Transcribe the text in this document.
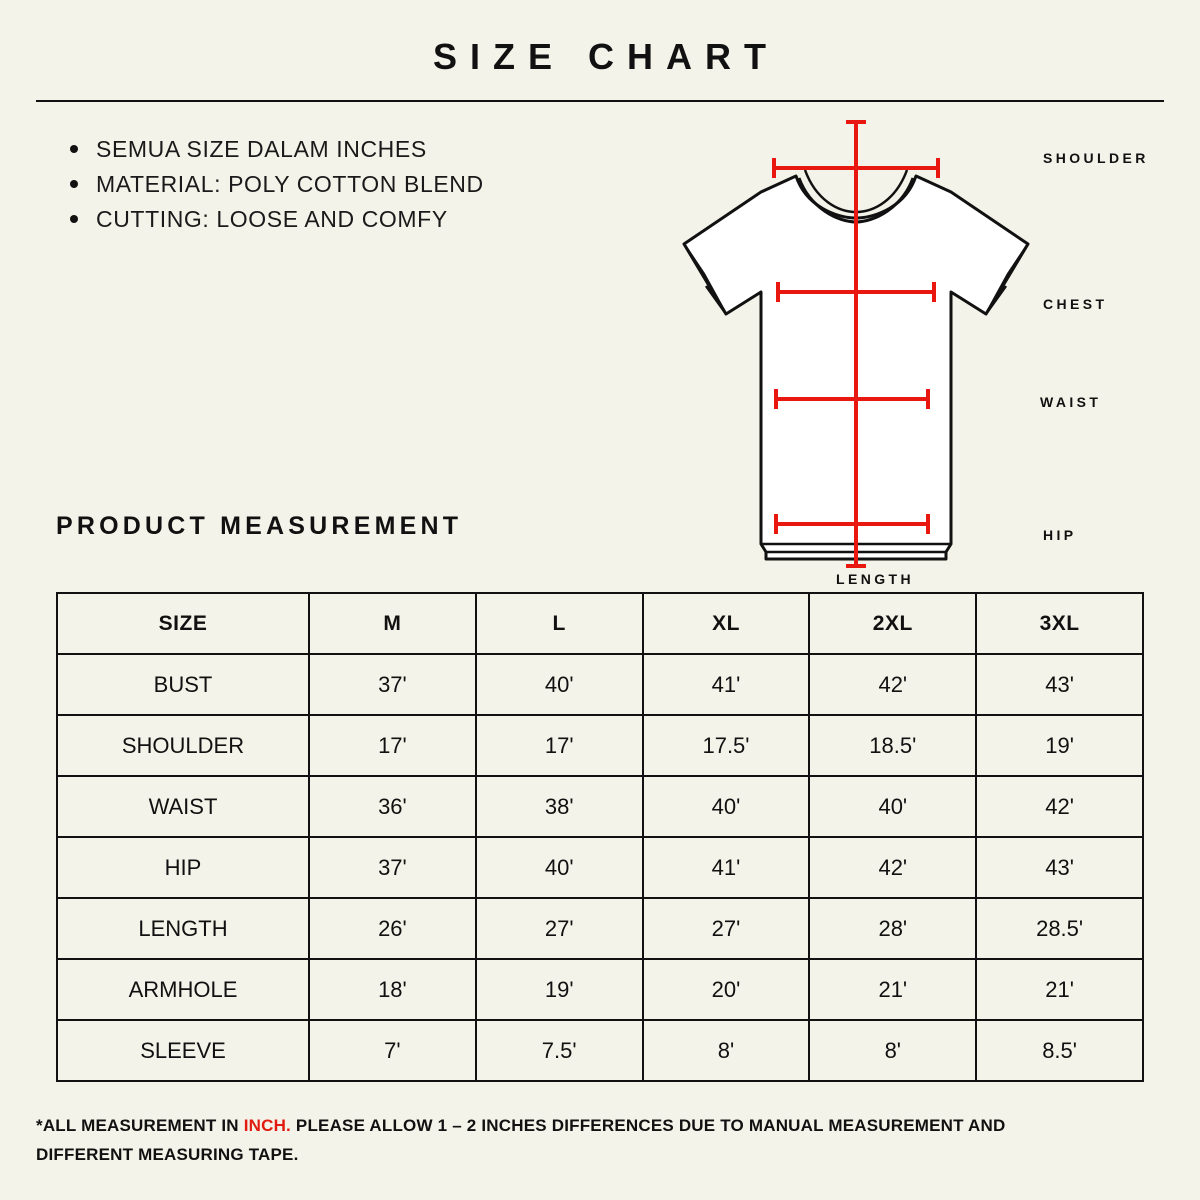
SIZE CHART
SEMUA SIZE DALAM INCHES
MATERIAL: POLY COTTON BLEND
CUTTING: LOOSE AND COMFY
SHOULDER
CHEST
WAIST
HIP
LENGTH
PRODUCT MEASUREMENT
SIZE	M	L	XL	2XL	3XL
BUST	37'	40'	41'	42'	43'
SHOULDER	17'	17'	17.5'	18.5'	19'
WAIST	36'	38'	40'	40'	42'
HIP	37'	40'	41'	42'	43'
LENGTH	26'	27'	27'	28'	28.5'
ARMHOLE	18'	19'	20'	21'	21'
SLEEVE	7'	7.5'	8'	8'	8.5'
*ALL MEASUREMENT IN INCH. PLEASE ALLOW 1 – 2 INCHES DIFFERENCES DUE TO MANUAL MEASUREMENT AND DIFFERENT MEASURING TAPE.
